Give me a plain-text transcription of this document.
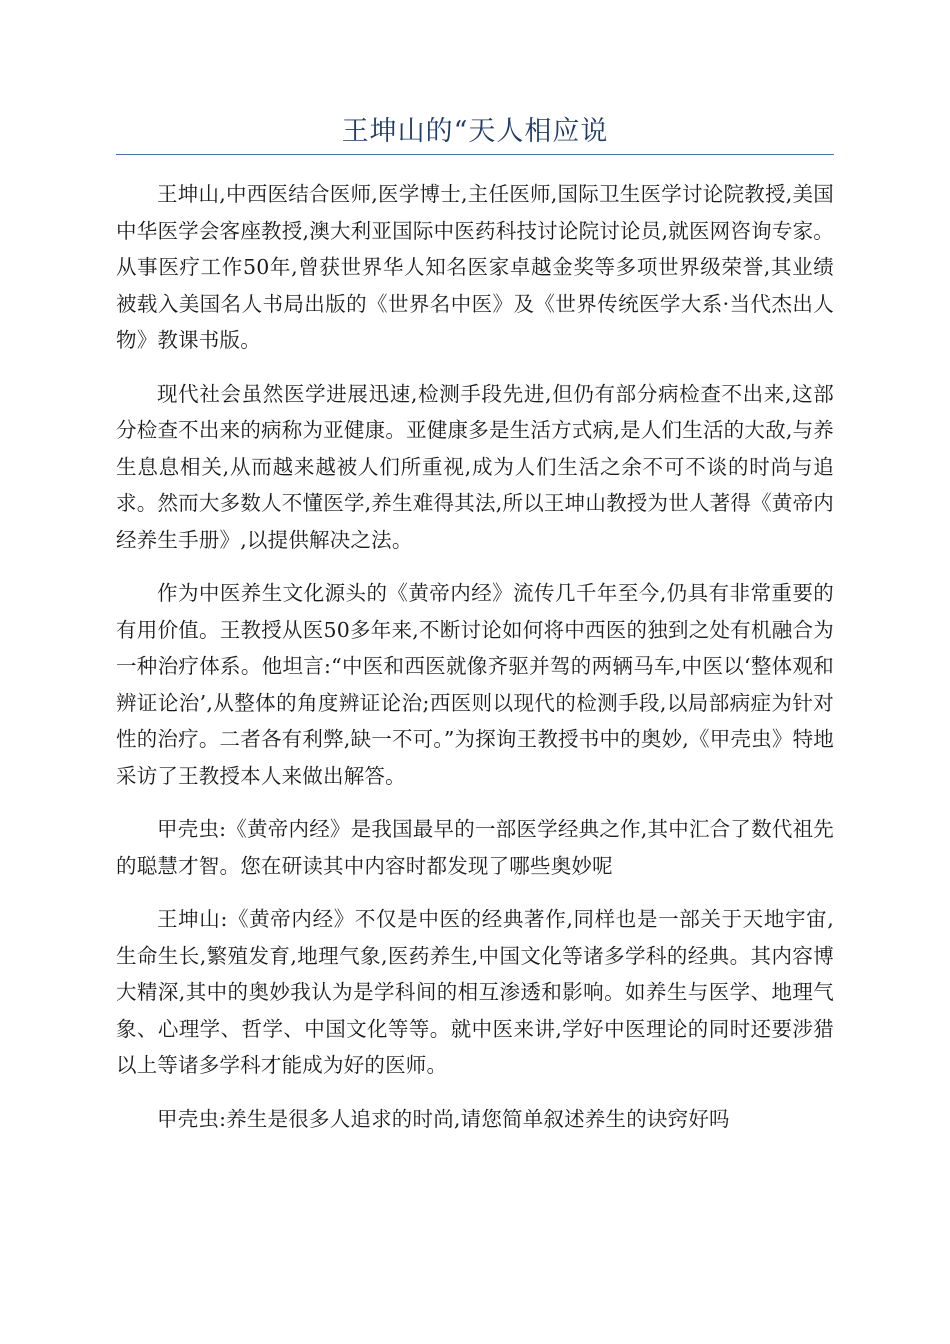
王坤山的“天人相应说

王坤山,中西医结合医师,医学博士,主任医师,国际卫生医学讨论院教授,美国中华医学会客座教授,澳大利亚国际中医药科技讨论院讨论员,就医网咨询专家。从事医疗工作50年,曾获世界华人知名医家卓越金奖等多项世界级荣誉,其业绩被载入美国名人书局出版的《世界名中医》及《世界传统医学大系·当代杰出人物》教课书版。

现代社会虽然医学进展迅速,检测手段先进,但仍有部分病检查不出来,这部分检查不出来的病称为亚健康。亚健康多是生活方式病,是人们生活的大敌,与养生息息相关,从而越来越被人们所重视,成为人们生活之余不可不谈的时尚与追求。然而大多数人不懂医学,养生难得其法,所以王坤山教授为世人著得《黄帝内经养生手册》,以提供解决之法。

作为中医养生文化源头的《黄帝内经》流传几千年至今,仍具有非常重要的有用价值。王教授从医50多年来,不断讨论如何将中西医的独到之处有机融合为一种治疗体系。他坦言:“中医和西医就像齐驱并驾的两辆马车,中医以‘整体观和辨证论治’,从整体的角度辨证论治;西医则以现代的检测手段,以局部病症为针对性的治疗。二者各有利弊,缺一不可。”为探询王教授书中的奥妙,《甲壳虫》特地采访了王教授本人来做出解答。

甲壳虫:《黄帝内经》是我国最早的一部医学经典之作,其中汇合了数代祖先的聪慧才智。您在研读其中内容时都发现了哪些奥妙呢

王坤山:《黄帝内经》不仅是中医的经典著作,同样也是一部关于天地宇宙,生命生长,繁殖发育,地理气象,医药养生,中国文化等诸多学科的经典。其内容博大精深,其中的奥妙我认为是学科间的相互渗透和影响。如养生与医学、地理气象、心理学、哲学、中国文化等等。就中医来讲,学好中医理论的同时还要涉猎以上等诸多学科才能成为好的医师。

甲壳虫:养生是很多人追求的时尚,请您简单叙述养生的诀窍好吗
